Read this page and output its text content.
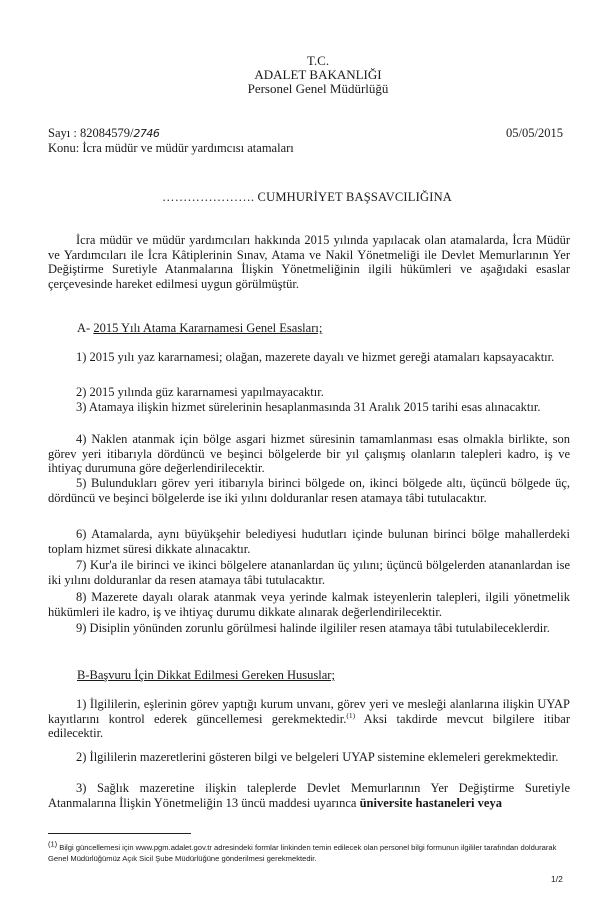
T.C.
ADALET BAKANLIĞI
Personel Genel Müdürlüğü
Sayı : 82084579/2746	05/05/2015
Konu: İcra müdür ve müdür yardımcısı atamaları
…………………. CUMHURİYET BAŞSAVCILIĞINA

İcra müdür ve müdür yardımcıları hakkında 2015 yılında yapılacak olan atamalarda, İcra Müdür ve Yardımcıları ile İcra Kâtiplerinin Sınav, Atama ve Nakil Yönetmeliği ile Devlet Memurlarının Yer Değiştirme Suretiyle Atanmalarına İlişkin Yönetmeliğinin ilgili hükümleri ve aşağıdaki esaslar çerçevesinde hareket edilmesi uygun görülmüştür.

A- 2015 Yılı Atama Kararnamesi Genel Esasları;

1) 2015 yılı yaz kararnamesi; olağan, mazerete dayalı ve hizmet gereği atamaları kapsayacaktır.

2) 2015 yılında güz kararnamesi yapılmayacaktır.

3) Atamaya ilişkin hizmet sürelerinin hesaplanmasında 31 Aralık 2015 tarihi esas alınacaktır.

4) Naklen atanmak için bölge asgari hizmet süresinin tamamlanması esas olmakla birlikte, son görev yeri itibarıyla dördüncü ve beşinci bölgelerde bir yıl çalışmış olanların talepleri kadro, iş ve ihtiyaç durumuna göre değerlendirilecektir.

5) Bulundukları görev yeri itibarıyla birinci bölgede on, ikinci bölgede altı, üçüncü bölgede üç, dördüncü ve beşinci bölgelerde ise iki yılını dolduranlar resen atamaya tâbi tutulacaktır.

6) Atamalarda, aynı büyükşehir belediyesi hudutları içinde bulunan birinci bölge mahallerdeki toplam hizmet süresi dikkate alınacaktır.

7) Kur'a ile birinci ve ikinci bölgelere atananlardan üç yılını; üçüncü bölgelerden atananlardan ise iki yılını dolduranlar da resen atamaya tâbi tutulacaktır.

8) Mazerete dayalı olarak atanmak veya yerinde kalmak isteyenlerin talepleri, ilgili yönetmelik hükümleri ile kadro, iş ve ihtiyaç durumu dikkate alınarak değerlendirilecektir.

9) Disiplin yönünden zorunlu görülmesi halinde ilgililer resen atamaya tâbi tutulabileceklerdir.

B-Başvuru İçin Dikkat Edilmesi Gereken Hususlar;

1) İlgililerin, eşlerinin görev yaptığı kurum unvanı, görev yeri ve mesleği alanlarına ilişkin UYAP kayıtlarını kontrol ederek güncellemesi gerekmektedir.$^{(1)}$ Aksi takdirde mevcut bilgilere itibar edilecektir.

2) İlgililerin mazeretlerini gösteren bilgi ve belgeleri UYAP sistemine eklemeleri gerekmektedir.

3) Sağlık mazeretine ilişkin taleplerde Devlet Memurlarının Yer Değiştirme Suretiyle Atanmalarına İlişkin Yönetmeliğin 13 üncü maddesi uyarınca üniversite hastaneleri veya

(1) Bilgi güncellemesi için www.pgm.adalet.gov.tr adresindeki formlar linkinden temin edilecek olan personel bilgi formunun ilgililer tarafından doldurarak Genel Müdürlüğümüz Açık Sicil Şube Müdürlüğüne gönderilmesi gerekmektedir.

1/2
